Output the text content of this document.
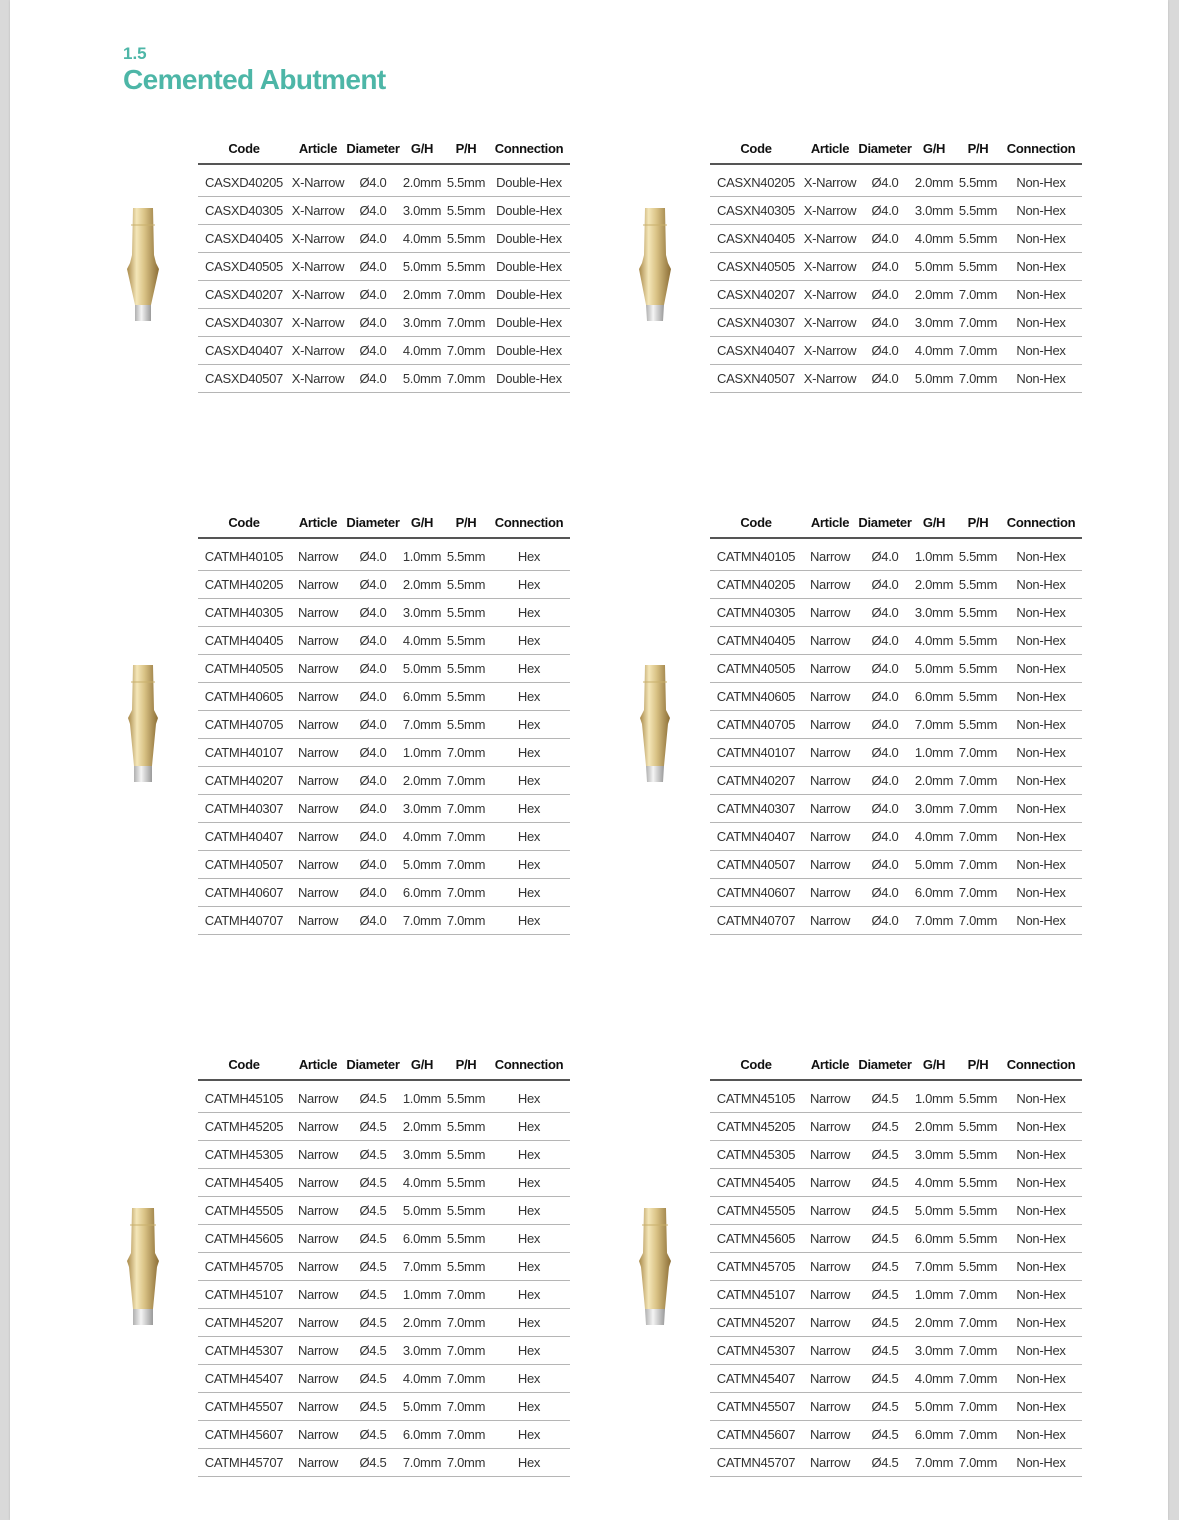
1.5
Cemented Abutment
Code	Article	Diameter	G/H	P/H	Connection

CASXD40205	X-Narrow	Ø4.0	2.0mm	5.5mm	Double-Hex
CASXD40305	X-Narrow	Ø4.0	3.0mm	5.5mm	Double-Hex
CASXD40405	X-Narrow	Ø4.0	4.0mm	5.5mm	Double-Hex
CASXD40505	X-Narrow	Ø4.0	5.0mm	5.5mm	Double-Hex
CASXD40207	X-Narrow	Ø4.0	2.0mm	7.0mm	Double-Hex
CASXD40307	X-Narrow	Ø4.0	3.0mm	7.0mm	Double-Hex
CASXD40407	X-Narrow	Ø4.0	4.0mm	7.0mm	Double-Hex
CASXD40507	X-Narrow	Ø4.0	5.0mm	7.0mm	Double-Hex
Code	Article	Diameter	G/H	P/H	Connection

CASXN40205	X-Narrow	Ø4.0	2.0mm	5.5mm	Non-Hex
CASXN40305	X-Narrow	Ø4.0	3.0mm	5.5mm	Non-Hex
CASXN40405	X-Narrow	Ø4.0	4.0mm	5.5mm	Non-Hex
CASXN40505	X-Narrow	Ø4.0	5.0mm	5.5mm	Non-Hex
CASXN40207	X-Narrow	Ø4.0	2.0mm	7.0mm	Non-Hex
CASXN40307	X-Narrow	Ø4.0	3.0mm	7.0mm	Non-Hex
CASXN40407	X-Narrow	Ø4.0	4.0mm	7.0mm	Non-Hex
CASXN40507	X-Narrow	Ø4.0	5.0mm	7.0mm	Non-Hex
Code	Article	Diameter	G/H	P/H	Connection

CATMH40105	Narrow	Ø4.0	1.0mm	5.5mm	Hex
CATMH40205	Narrow	Ø4.0	2.0mm	5.5mm	Hex
CATMH40305	Narrow	Ø4.0	3.0mm	5.5mm	Hex
CATMH40405	Narrow	Ø4.0	4.0mm	5.5mm	Hex
CATMH40505	Narrow	Ø4.0	5.0mm	5.5mm	Hex
CATMH40605	Narrow	Ø4.0	6.0mm	5.5mm	Hex
CATMH40705	Narrow	Ø4.0	7.0mm	5.5mm	Hex
CATMH40107	Narrow	Ø4.0	1.0mm	7.0mm	Hex
CATMH40207	Narrow	Ø4.0	2.0mm	7.0mm	Hex
CATMH40307	Narrow	Ø4.0	3.0mm	7.0mm	Hex
CATMH40407	Narrow	Ø4.0	4.0mm	7.0mm	Hex
CATMH40507	Narrow	Ø4.0	5.0mm	7.0mm	Hex
CATMH40607	Narrow	Ø4.0	6.0mm	7.0mm	Hex
CATMH40707	Narrow	Ø4.0	7.0mm	7.0mm	Hex
Code	Article	Diameter	G/H	P/H	Connection

CATMN40105	Narrow	Ø4.0	1.0mm	5.5mm	Non-Hex
CATMN40205	Narrow	Ø4.0	2.0mm	5.5mm	Non-Hex
CATMN40305	Narrow	Ø4.0	3.0mm	5.5mm	Non-Hex
CATMN40405	Narrow	Ø4.0	4.0mm	5.5mm	Non-Hex
CATMN40505	Narrow	Ø4.0	5.0mm	5.5mm	Non-Hex
CATMN40605	Narrow	Ø4.0	6.0mm	5.5mm	Non-Hex
CATMN40705	Narrow	Ø4.0	7.0mm	5.5mm	Non-Hex
CATMN40107	Narrow	Ø4.0	1.0mm	7.0mm	Non-Hex
CATMN40207	Narrow	Ø4.0	2.0mm	7.0mm	Non-Hex
CATMN40307	Narrow	Ø4.0	3.0mm	7.0mm	Non-Hex
CATMN40407	Narrow	Ø4.0	4.0mm	7.0mm	Non-Hex
CATMN40507	Narrow	Ø4.0	5.0mm	7.0mm	Non-Hex
CATMN40607	Narrow	Ø4.0	6.0mm	7.0mm	Non-Hex
CATMN40707	Narrow	Ø4.0	7.0mm	7.0mm	Non-Hex
Code	Article	Diameter	G/H	P/H	Connection

CATMH45105	Narrow	Ø4.5	1.0mm	5.5mm	Hex
CATMH45205	Narrow	Ø4.5	2.0mm	5.5mm	Hex
CATMH45305	Narrow	Ø4.5	3.0mm	5.5mm	Hex
CATMH45405	Narrow	Ø4.5	4.0mm	5.5mm	Hex
CATMH45505	Narrow	Ø4.5	5.0mm	5.5mm	Hex
CATMH45605	Narrow	Ø4.5	6.0mm	5.5mm	Hex
CATMH45705	Narrow	Ø4.5	7.0mm	5.5mm	Hex
CATMH45107	Narrow	Ø4.5	1.0mm	7.0mm	Hex
CATMH45207	Narrow	Ø4.5	2.0mm	7.0mm	Hex
CATMH45307	Narrow	Ø4.5	3.0mm	7.0mm	Hex
CATMH45407	Narrow	Ø4.5	4.0mm	7.0mm	Hex
CATMH45507	Narrow	Ø4.5	5.0mm	7.0mm	Hex
CATMH45607	Narrow	Ø4.5	6.0mm	7.0mm	Hex
CATMH45707	Narrow	Ø4.5	7.0mm	7.0mm	Hex
Code	Article	Diameter	G/H	P/H	Connection

CATMN45105	Narrow	Ø4.5	1.0mm	5.5mm	Non-Hex
CATMN45205	Narrow	Ø4.5	2.0mm	5.5mm	Non-Hex
CATMN45305	Narrow	Ø4.5	3.0mm	5.5mm	Non-Hex
CATMN45405	Narrow	Ø4.5	4.0mm	5.5mm	Non-Hex
CATMN45505	Narrow	Ø4.5	5.0mm	5.5mm	Non-Hex
CATMN45605	Narrow	Ø4.5	6.0mm	5.5mm	Non-Hex
CATMN45705	Narrow	Ø4.5	7.0mm	5.5mm	Non-Hex
CATMN45107	Narrow	Ø4.5	1.0mm	7.0mm	Non-Hex
CATMN45207	Narrow	Ø4.5	2.0mm	7.0mm	Non-Hex
CATMN45307	Narrow	Ø4.5	3.0mm	7.0mm	Non-Hex
CATMN45407	Narrow	Ø4.5	4.0mm	7.0mm	Non-Hex
CATMN45507	Narrow	Ø4.5	5.0mm	7.0mm	Non-Hex
CATMN45607	Narrow	Ø4.5	6.0mm	7.0mm	Non-Hex
CATMN45707	Narrow	Ø4.5	7.0mm	7.0mm	Non-Hex
